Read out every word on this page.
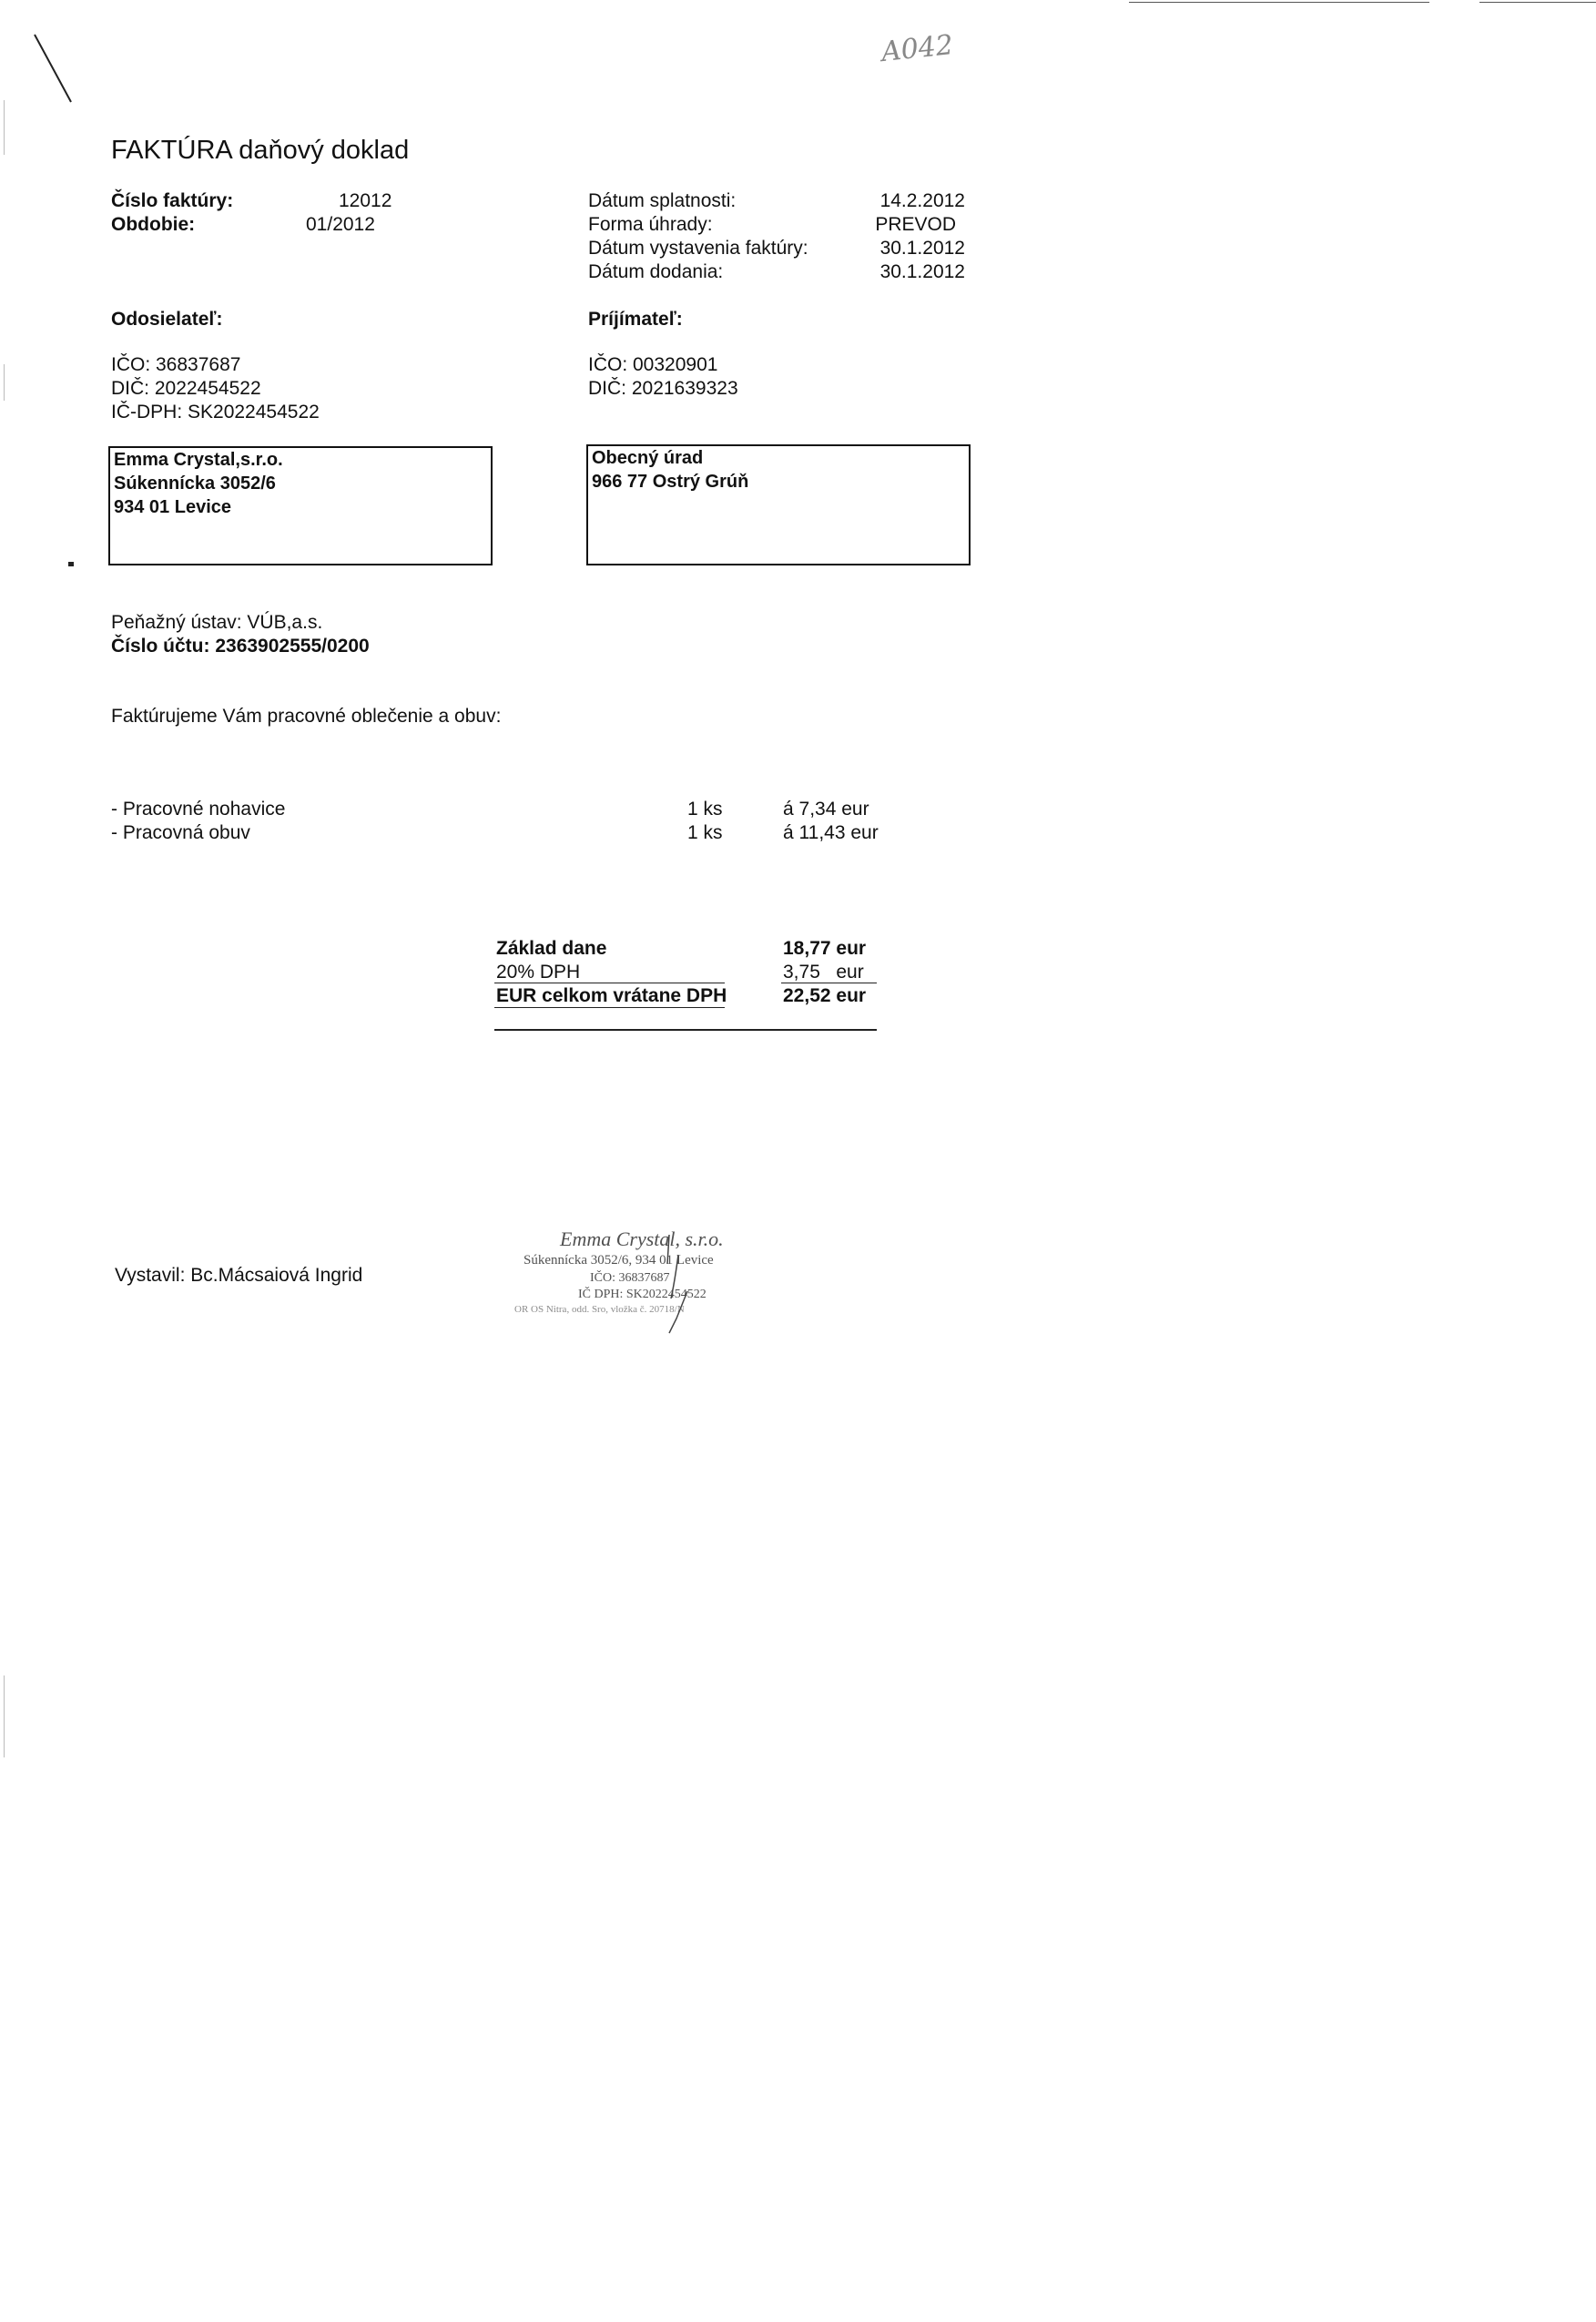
A042
FAKTÚRA daňový doklad
Číslo faktúry:	12012
Obdobie:	01/2012
Dátum splatnosti:	14.2.2012
Forma úhrady:	PREVOD
Dátum vystavenia faktúry:	30.1.2012
Dátum dodania:	30.1.2012
Odosielateľ:	Príjímateľ:
IČO: 36837687
DIČ: 2022454522
IČ-DPH: SK2022454522
IČO: 00320901
DIČ: 2021639323
Emma Crystal,s.r.o.
Súkennícka 3052/6
934 01 Levice
Obecný úrad
966 77 Ostrý Grúň
Peňažný ústav: VÚB,a.s.
Číslo účtu: 2363902555/0200
Faktúrujeme Vám pracovné oblečenie a obuv:
- Pracovné nohavice	1 ks	á 7,34 eur
- Pracovná obuv	1 ks	á 11,43 eur
Základ dane	18,77 eur
20% DPH	3,75   eur
EUR celkom vrátane DPH	22,52 eur
Vystavil: Bc.Mácsaiová Ingrid
Emma Crystal, s.r.o.
Súkennícka 3052/6, 934 01 Levice
IČO: 36837687
IČ DPH: SK2022454522
OR OS Nitra, odd. Sro, vložka č. 20718/N
